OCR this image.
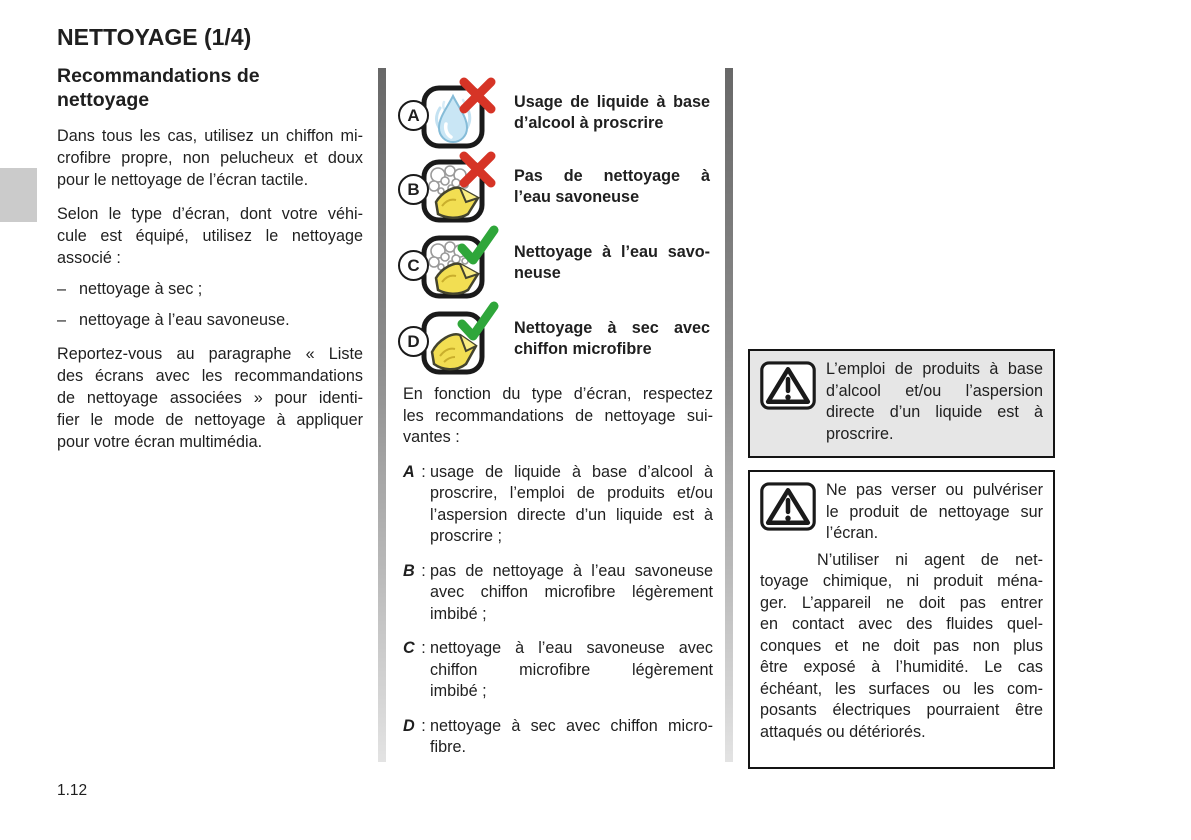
NETTOYAGE (1/4)
Recommandations de
nettoyage
Dans tous les cas, utilisez un chiffon mi-
crofibre propre, non pelucheux et doux
pour le nettoyage de l’écran tactile.
Selon le type d’écran, dont votre véhi-
cule est équipé, utilisez le nettoyage
associé :
– nettoyage à sec ;
– nettoyage à l’eau savoneuse.
Reportez-vous au paragraphe « Liste
des écrans avec les recommandations
de nettoyage associées » pour identi-
fier le mode de nettoyage à appliquer
pour votre écran multimédia.
A
Usage de liquide à base
d’alcool à proscrire
B
Pas de nettoyage à
l’eau savoneuse
C
Nettoyage à l’eau savo-
neuse
D
Nettoyage à sec avec
chiffon microfibre
En fonction du type d’écran, respectez
les recommandations de nettoyage sui-
vantes :
A : usage de liquide à base d’alcool à
proscrire, l’emploi de produits et/ou
l’aspersion directe d’un liquide est à
proscrire ;
B : pas de nettoyage à l’eau savoneuse
avec chiffon microfibre légèrement
imbibé ;
C : nettoyage à l’eau savoneuse avec
chiffon microfibre légèrement
imbibé ;
D : nettoyage à sec avec chiffon micro-
fibre.
L’emploi de produits à base
d’alcool et/ou l’aspersion
directe d’un liquide est à
proscrire.
Ne pas verser ou pulvériser
le produit de nettoyage sur
l’écran.
N’utiliser ni agent de net-
toyage chimique, ni produit ména-
ger. L’appareil ne doit pas entrer
en contact avec des fluides quel-
conques et ne doit pas non plus
être exposé à l’humidité. Le cas
échéant, les surfaces ou les com-
posants électriques pourraient être
attaqués ou détériorés.
1.12
